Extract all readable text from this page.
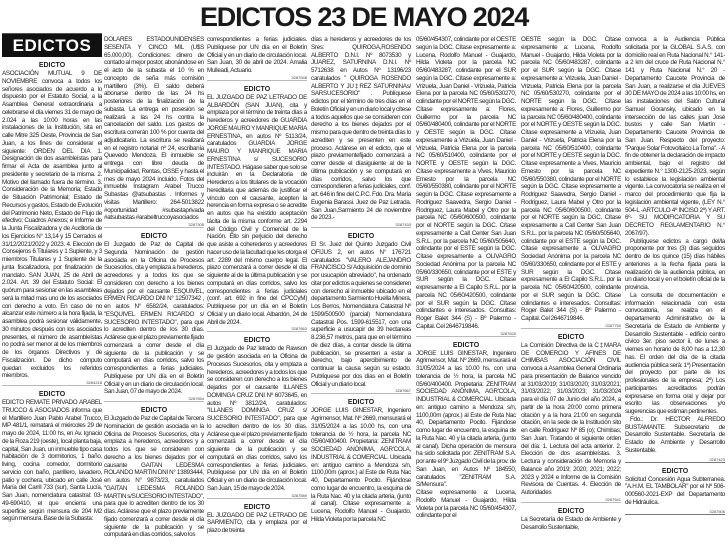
EDICTOS 23 DE MAYO 2024
EDICTOS
EDICTO

ASOCIACIÓN MUTUAL 9 DE NOVIEMBRE convoca a todos los señores asociados de acuerdo a lo dispuesto por el Estatuto Social, a la Asamblea General extraordinaria a celebrarse el día viernes 31 de mayo de 2.024 a las 10:00 horas en las instalaciones de la Institución, sita en calle Mitre 325 Oeste, Provincia de San Juan, a los fines de considerar el siguiente: ORDEN DEL DIA 1. Designación de dos asambleístas para firmar el Acta de asamblea junto al presidente y secretario de la misma. 2. Motivo del llamado fuera de término. 3. Consideración de la Memoria; Estado de Situación Patrimonial; Estado de Recursos y gastos, Estado de Evolución del Patrimonio Neto, Estado de Flujo de efectivo; Cuadros Anexos; e Informe de la Junta Fiscalizadora y de Auditoría de los Ejercicios N° 13,14 y 15 Cerrados el 31/12/2021/2022 y 2023. 4. Elección de Consejeros 6 Titulares y 1 Suplente, y 3 miembros Titulares y 1 Suplente de la junta fiscalizadora, por finalización de mandato. SAN JUAN, 25 de Abril de 2.024. Art. 39 del Estatuto Social: El quórum para sesionar en las asambleas será la mitad mas uno de los asociados con derecho a voto. En caso de no alcanzar este número a la hora fijada, la asamblea podrá sesionar válidamente, 30 minutos después con los asociados presentes, el número de asambleístas no podrá ser menor al de los miembros de los órganos Directivos y de Fiscalización. De dicho cómputo quedan excluidos los referidos miembros.

3264218
EDICTO

EDICTO REMATE PRIVADO ARABEL TRUCCO & ASOCIADOS informa que el Martillero Juan Pablo Arabel Trucco, MP 481/1, rematará el miércoles 29 de mayo de 2024, 11:00 hs, en Av. Ignacio de la Roza 219 (oeste), local planta baja, capital, San Juan, un inmueble tipo casa habitación de 3 dormitorios, 1 baño, living, cocina comedor, dormitorio servicio con baño, parrillero, lavadero, patio y cochera, ubicado en calle José María del Carril 733 (sur), Santa Lucía, San Juan, nomenclatura catastral: 03-49-690410, el que encierra una superficie según mensura de 204 M2 según mensura. Base de la Subasta:

DOLARES ESTADOUNIDENSES SESENTA Y CINCO MIL (U$S 65.000,00). Condiciones: dinero de contado al mejor postor, abonándose en el acto de la subasta el 10 % en concepto de seña más comisión martillero (3%). El saldo deberá abonarse dentro de las 24 hs posteriores de la finalización de la subasta. La entrega en posesión se realizará a las 24 hs contra la cancelación del saldo. Los gastos de escritura correrán 100 % por cuenta del adjudicatario. La escritura se realizará en el registro notarial nº 24, escribanía Quevedo Mendoza. El inmueble se entrega con libre deuda de Municipalidad, Rentas, OSSE y hasta el mes de mayo 2024 incluido. Fotos del inmueble Instagram Arabel Trucco Subastas @atsubastas . Informes y visitas Martillero: 264-5013822 #oportunidad #subastaprivada #atsubastas #arabeltruccoyasociados

3287305
EDICTO

El Juzgado de Paz de Capital de Segunda Nominación de gestión asociada en la Oficina de Procesos Sucesorios, cita y emplaza a herederos, acreedores y a todos los que se consideren con derecho a los bienes dejados por el causante ESQUIVEL, ERMEN RICARDO DNI N° 12507342 , en autos N° 6582/24, caratulados: "ESQUIVEL ERMEN RICARDO s/ SUCESORIO INTESTADO", para que lo acrediten dentro de los 30 días. Aclárese que el plazo previamente fijado comenzará a correr desde el día siguiente de la publicación y se computará en días corridos, salvo los correspondientes a ferias judiciales. Publíquese por UN día en el Boletín Oficial y en un diario de circulación local. San Juan, 07 de mayo de 2024.

3287654
EDICTO

El Juzgado de Paz de Capital de Tercera Nominación de gestión asociada en la Oficina de Procesos Sucesorios, cita y emplaza a herederos, acreedores y a todos los que se consideren con derecho a los bienes dejados por el causante GAITAN LEDESMA ROLANDO MARTIN DNI N° 13893444, en autos N° 9873/23, caratulados "GAITAN LEDESMA ROLANDO MARTIN s/SUCESORIO INTESTADO", para que lo acrediten dentro de los 30 días. Aclárese que el plazo previamente fijado comenzará a correr desde el día siguiente de la publicación y se computará en días corridos, salvo los

correspondientes a ferias judiciales. Publíquese por UN día en el Boletín Oficial y en un diario de circulación local. San Juan, 30 de abril de 2024. Amalia Mulleadi, Actuario.

3287648
EDICTO

EL JUZGADO DE PAZ LETRADO DE ALBARDÓN (SAN JUAN), cita y emplaza por el término de treinta días a herederos y acreedores de GUARDIA JORGE MAURO Y MANRIQUE MARIA ERNESTINA, en autos Nº 5113/24, caratulados GUARDIA JORGE MAURO Y MANRIQUE MARIA ERNESTINA s/ SUCESORIO INTESTADO. Hágase saber que solo se incluirán en la Declaratoria de Herederos a los titulares de la vocación hereditaria que además de justificar el vínculo con el causante, acepten la herencia en forma expresa o se acredite en autos que ha existido aceptación tácita de la misma conforme art. 2294 del Código Civil y Comercial de la Nación. Ello sin perjuicio del derecho que asiste a coherederos y acreedores hacer uso de la facultad que les otorga el art. 2289 del mismo cuerpo legal. El plazo comenzará a correr desde el día siguiente al de la última publicación y se computará en días corridos, salvo los correspondientes a ferias judiciales (conf. art. 692 in fine del CPCCyM) Publíquese por un día en el Boletín Oficial y un diario local. Albardón, 24 de Abril de 2024.

3287663
EDICTO

El Juzgado de Paz letrado de Rawson de gestión asociada en la Oficina de Procesos Sucesorios, cita y emplaza a herederos, acreedores y a todos los que se consideren con derecho a los bienes dejados por el causante ILLANES DOMINGA CRUZ DNI Nº 6073645, en autos Nº 3812/24, caratulados: "ILLANES DOMINGA CRUZ s/ SUCESORIO INTESTADO", para que lo acrediten dentro de los 30 días. Aclárese que el plazo previamente fijado comenzará a correr desde el día siguiente de la publicación y se computará en días corridos, salvo los correspondientes a ferias judiciales. Publíquese por UN día en el Boletín Oficial y en un diario de circulación local. San Juan, 15 de mayo de 2024.

3287589
EDICTO

EL JUZGADO DE PAZ LETRADO DE SARMIENTO, cita y emplaza por el plazo de treinta

días a herederos y acreedores de los Sres: QUIROGA,ROSENDO ALBERTO D.N.I. Nº 8073530 y JUAREZ, SATURNINA D.N.I. Nº 5712638 en Autos Nº 13196/23 caratulados " QUIROGA ROSENDO ALBERTO Y JU‡REZ SATURNINAs/ SARSUCESORIO" . Publíquese edictos por el término de tres días en el Boletín Oficial y en un diario local y cítese a todos aquellos que se consideren con derecho a los bienes dejados por el mismo para que dentro de treinta días lo acrediten y se presenten en este proceso. Aclárese en el edicto, que el plazo previamentefijado comenzará a correr desde el díasiguiente al de la última publicación y se computará en días corridos, salvo los que correspondieren a ferias judiciales, conf. art. 646 in fine del C.P.C. Fdo. Dra. María Eugenia Barassi. Juez de Paz Letrada. San Juan,Sarmiento 24 de noviembre de 2023.-

3287433
EDICTO

El Sr. Juez del Quinto Juzgado Civil OFIJUS 2, en autos N° 176721 caratulados "VALERO ALEJANDRO FRANCISCO S/ Adquisición de dominio por usucapión abreviado", ha ordenado citar por edictos a quienes se consideren con derecho al inmueble ubicado en el departamento Sarmiento Huella Minera, Los Berros, Nomenclatura Catastral Nº 1599/500500 (parcial) Nomenclatura Catastral Pos. 1599-615517, con una superficie a usucapir de 39 hectareas 8.236,57 metros, para que en el término de diez días, a contar desde la última publicación, se presenten a estar a derecho, bajo apercibimiento de continuar la causa según su estado. Publíquese por dos días en el Boletín Oficial y un diario local.

3287667
EDICTO

JORGE LUIS GINESTAR, Ingeniero Agrimensor, Mat. Nº 2669, mensurará el 31/05/2024 a las 10.00 hs, con una tolerancia de ½ hora, la parcela NC 05/60/400400. Propietaria: ZENITRAM SOCIEDAD ANÓNIMA, AGR'COLA, INDUSTRIAL & COMERCIAL. Ubicada en: antiguo camino a Mendoza s/n, 1100,00m (aprox.) al Este de Ruta Nac 40, Departamento Pocito. Fijándose como lugar de encuentro, la esquina de la Ruta Nac. 40 y la citada arteria, (junto al canal). Cítase expresamente a: Lucena, Rodolfo Manuel - Guajardo, Hilda Violeta por la parcela NC

05/60/454307, colindante por el OESTE según la DGC. Cítase expresamente a: Lucena, Rodolfo Manuel - Guajardo, Hilda Violeta por la parcela NC 05/60/483287, colindante por el SUR según la DGC. Cítase expresamente a: Vrizuela, Juan Daniel - Vrizuela, Patricia Elena por la parcela NC 05/60/530270, colindante por el NORTE según la DGC. Cítase expresamente a: Flores, Guillermo por la parcela NC 05/60/480400, colindante por el NORTE y OESTE según la DGC. Cítase expresamente a Vrizuela, Juan Daniel - Vrizuela, Patricia Elena por la parcela NC 05/60/510400, colindante por el NORTE y OESTE según la DGC. Cítase expresamente a Vives, Mauricio Ernesto por la parcela NC 05/60/550380, colindante por el NORTE según la DGC. Cítase expresamente a Rodriguez Saavedra, Sergio Daniel - Rodriguez, Laura Mabel y Otro por la parcela NC 05/60/600500, colindante por el NORTE según la DGC. Cítase expresamente a Call Center San Juan S.R.L. por la parcela NC 05/60/505640, colindante por el ESTE según la DGC. Cítase expresamente a OLIVAGRO Sociedad Anónima por la parcela NC 05/60/330650, colindante por el ESTE y SUR según la DGC. Cítase expresamente a El Capilo S.R.L. por la parcela NC 05/60/420500, colindante por el SUR según la DGC. Cítase colindantes e interesados. Consultas: Roger Balet 344 (S) - Bº Palermo - Capital. Cel 2646719846.

3287625
EDICTO

JORGE LUIS GINESTAR, Ingeniero Agrimensor, Mat. Nº 2669, mensurará el 31/05/2024 a las 10.00 hs, con una tolerancia de ½ hora, la parcela NC 05/60/400400. Propietaria: ZENITRAM SOCIEDAD ANÓNIMA, AGR'COLA, INDUSTRIAL & COMERCIAL. Ubicada en: antiguo camino a Mendoza s/n, 1100,00m (aprox.) al Este de Ruta Nac 40, Departamento Pocito. Fijándose como lugar de encuentro, la esquina de la Ruta Nac. 40 y la citada arteria, (junto al canal). Dicha operación de mensura ha sido solicitada por: ZENITRAM S.A. por ante el 9º Juzgado Civil de la prov. de San Juan, en Autos Nº 184550, caratulados "ZENITRAM S.A. S/Mensura".

Cítase expresamente a: Lucena, Rodolfo Manuel - Guajardo, Hilda Violeta por la parcela NC 05/60/454307, colindante por el

OESTE según la DGC. Cítase expresamente a: Lucena, Rodolfo Manuel - Guajardo, Hilda Violeta por la parcela NC 05/60/483287, colindante por el SUR según la DGC. Cítase expresamente a: Vrizuela, Juan Daniel - Vrizuela, Patricia Elena por la parcela NC 05/60/530270, colindante por el NORTE según la DGC. Cítase expresamente a: Flores, Guillermo por la parcela NC 05/60/480400, colindante por el NORTE y OESTE según la DGC. Cítase expresamente a Vrizuela, Juan Daniel - Vrizuela, Patricia Elena por la parcela NC 05/60/510400, colindante por el NORTE y OESTE según la DGC. Cítase expresamente a Vives, Mauricio Ernesto por la parcela NC 05/60/550380, colindante por el NORTE según la DGC. Cítase expresamente a Rodriguez Saavedra, Sergio Daniel - Rodriguez, Laura Mabel y Otro por la parcela NC 05/60/600500, colindante por el NORTE según la DGC. Cítase expresamente a Call Center San Juan S.R.L. por la parcela NC 05/60/505640, colindante por el ESTE según la DGC. Cítase expresamente a OLIVAGRO Sociedad Anónima por la parcela NC 05/60/330650, colindante por el ESTE y SUR según la DGC. Cítase expresamente a El Capilo S.R.L. por la parcela NC 05/60/420500, colindante por el SUR según la DGC. Cítase colindantes e interesados. Consultas: Roger Balet 344 (S) - Bº Palermo - Capital. Cel 2646719846.

3287750
EDICTO

La Comisión Directiva de la C‡MARA DE COMERCIO Y AFINES DE CHIMBAS ASOCIACIÓN CIVIL convoca a Asamblea General Ordinaria para presentación de Balance vencido al 31/03/2019; 31/03/2020; 31/03/2021; 31/03/2022; 31/03/2023; 31/03/2024 para el día 07 de Junio del año 2024, a partir de la hora 20:00 como primera citación y a la hora 21:00 en segunda citación, en la sede de la Institución sito en calle Rodríguez Nº 85 (o); Chimbas; San Juan. Tratando el siguiente orden del día: 1. Lectura del acta anterior. 2. Elección de dos asambleístas. 3. Lectura y consideración de Memoria y Balance año 2019; 2020; 2021; 2022; 2023 y 2024 e Informe de la Comisión Revisora de Cuentas. 4. Elección de Autoridades

3287541
EDICTO

La Secretaría de Estado de Ambiente y Desarrollo Sustentable,

convoca a la Audiencia Pública solicitada por la GLOBAL S.A.S. con domicilio real en Ruta Nacional N.° 141- a 2 km del cruce de Ruta Nacional N.° 141 y Ruta Nacional N.° 20 - Departamento Caucete Provincia de San Juan, a realizarse el día JUEVES 30 DE MAYO de 2024 a las 10:00 hs, en las instalaciones del Salón Cultural Samuel Goransky, ubicado en la intersección de las calles juan José bustos y calle San Martín - Departamento Caucete Provincia de San Juan. Respecto del proyecto: "Parque Solar Fotovoltaico La Toma". - A fin de obtener la declaración de impacto ambiental, bajo el registro del expediente N.° 1300-2125-2023, según lo establece la legislación ambiental vigente. La convocatoria se realiza en el marco del procedimiento que fija la legislación ambiental vigente, (LEY N.° 504-L -ARTCULO 4º INCISO 2º) Y ART. 6º- SU MODIFICATORIA Y SU DECRETO REGLAMENTARIO N.° 2067/97).

Publíquese edictos a cargo del/la proponente por tres (3) días seguidos dentro de los quince (15) días hábiles anteriores a la fecha fijada para la realización de la audiencia pública, en un diario local y en el boletín oficial de la provincia.

La consulta de documentación e información relacionada con esta convocatoria, se realiza en el departamento Administrativo de la Secretaría de Estado de Ambiente y Desarrollo Sustentable - edificio centro cívico 3er. piso sector ii, de lunes a viernes en horario de 8,00 has a 12,30 has. El orden del día de la citada audiencia pública será: 1º) Presentación del proyecto por parte de los profesionales de la empresa; 2º) Los participantes acreditados podrán expresarse en forma oral y dejar por escrito las observaciones y/o sugerencias que estiman pertinentes.

Fdo.: Dr. HECTOR ALFREDO BUSTAMANTE Subsecretario de Desarrollo Sustentable. Secretaría de Estado de Ambiente y Desarrollo Sustentable.

3287423
EDICTO

Solicitud Concesión Agua Subterranea. "A.H.M. EL TAMBOLAR" por el Nº 506-000560-2021-EXP del Departamento de Hidráulica.

3287506
